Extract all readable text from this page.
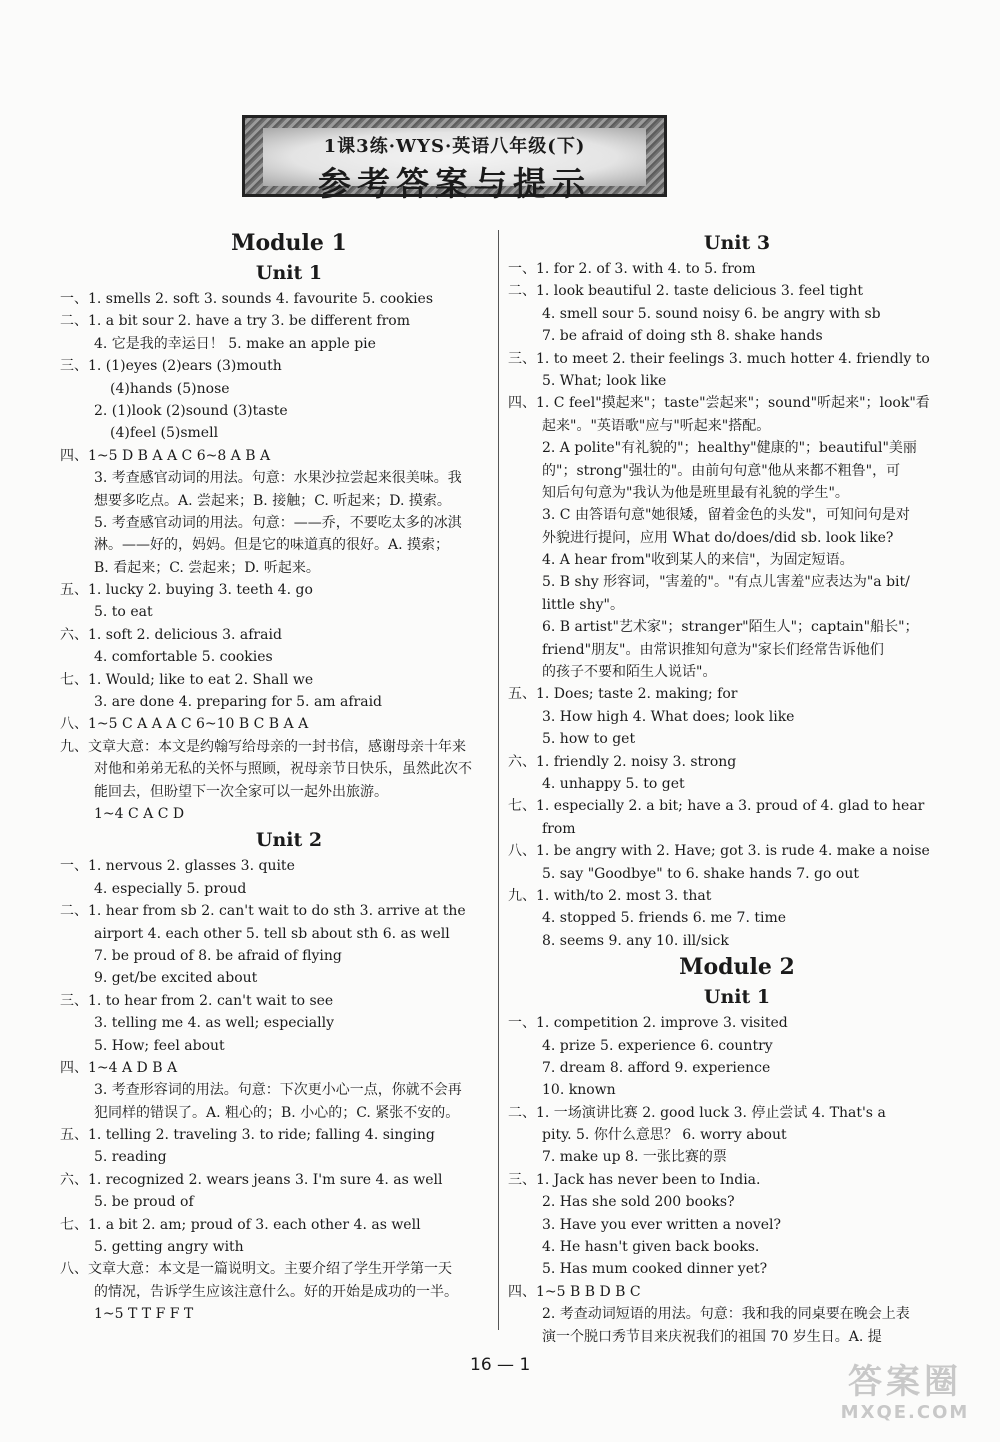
1课3练·WYS·英语八年级(下)
参考答案与提示
Module 1
Unit 1
一、1. smells 2. soft 3. sounds 4. favourite 5. cookies
二、1. a bit sour 2. have a try 3. be different from
4. 它是我的幸运日！ 5. make an apple pie
三、1. (1)eyes (2)ears (3)mouth
(4)hands (5)nose
2. (1)look (2)sound (3)taste
(4)feel (5)smell
四、1~5 D B A A C 6~8 A B A
3. 考查感官动词的用法。句意：水果沙拉尝起来很美味。我
想要多吃点。A. 尝起来；B. 接触；C. 听起来；D. 摸索。
5. 考查感官动词的用法。句意：——乔，不要吃太多的冰淇
淋。——好的，妈妈。但是它的味道真的很好。A. 摸索；
B. 看起来；C. 尝起来；D. 听起来。
五、1. lucky 2. buying 3. teeth 4. go
5. to eat
六、1. soft 2. delicious 3. afraid
4. comfortable 5. cookies
七、1. Would; like to eat 2. Shall we
3. are done 4. preparing for 5. am afraid
八、1~5 C A A A C 6~10 B C B A A
九、文章大意：本文是约翰写给母亲的一封书信，感谢母亲十年来
对他和弟弟无私的关怀与照顾，祝母亲节日快乐，虽然此次不
能回去，但盼望下一次全家可以一起外出旅游。
1~4 C A C D
Unit 2
一、1. nervous 2. glasses 3. quite
4. especially 5. proud
二、1. hear from sb 2. can't wait to do sth 3. arrive at the
airport 4. each other 5. tell sb about sth 6. as well
7. be proud of 8. be afraid of flying
9. get/be excited about
三、1. to hear from 2. can't wait to see
3. telling me 4. as well; especially
5. How; feel about
四、1~4 A D B A
3. 考查形容词的用法。句意：下次更小心一点，你就不会再
犯同样的错误了。A. 粗心的；B. 小心的；C. 紧张不安的。
五、1. telling 2. traveling 3. to ride; falling 4. singing
5. reading
六、1. recognized 2. wears jeans 3. I'm sure 4. as well
5. be proud of
七、1. a bit 2. am; proud of 3. each other 4. as well
5. getting angry with
八、文章大意：本文是一篇说明文。主要介绍了学生开学第一天
的情况，告诉学生应该注意什么。好的开始是成功的一半。
1~5 T T F F T
Unit 3
一、1. for 2. of 3. with 4. to 5. from
二、1. look beautiful 2. taste delicious 3. feel tight
4. smell sour 5. sound noisy 6. be angry with sb
7. be afraid of doing sth 8. shake hands
三、1. to meet 2. their feelings 3. much hotter 4. friendly to
5. What; look like
四、1. C feel"摸起来"；taste"尝起来"；sound"听起来"；look"看
起来"。"英语歌"应与"听起来"搭配。
2. A polite"有礼貌的"；healthy"健康的"；beautiful"美丽
的"；strong"强壮的"。由前句句意"他从来都不粗鲁"，可
知后句句意为"我认为他是班里最有礼貌的学生"。
3. C 由答语句意"她很矮，留着金色的头发"，可知问句是对
外貌进行提问，应用 What do/does/did sb. look like?
4. A hear from"收到某人的来信"，为固定短语。
5. B shy 形容词，"害羞的"。"有点儿害羞"应表达为"a bit/
little shy"。
6. B artist"艺术家"；stranger"陌生人"；captain"船长"；
friend"朋友"。由常识推知句意为"家长们经常告诉他们
的孩子不要和陌生人说话"。
五、1. Does; taste 2. making; for
3. How high 4. What does; look like
5. how to get
六、1. friendly 2. noisy 3. strong
4. unhappy 5. to get
七、1. especially 2. a bit; have a 3. proud of 4. glad to hear
from
八、1. be angry with 2. Have; got 3. is rude 4. make a noise
5. say "Goodbye" to 6. shake hands 7. go out
九、1. with/to 2. most 3. that
4. stopped 5. friends 6. me 7. time
8. seems 9. any 10. ill/sick
Module 2
Unit 1
一、1. competition 2. improve 3. visited
4. prize 5. experience 6. country
7. dream 8. afford 9. experience
10. known
二、1. 一场演讲比赛 2. good luck 3. 停止尝试 4. That's a
pity. 5. 你什么意思？ 6. worry about
7. make up 8. 一张比赛的票
三、1. Jack has never been to India.
2. Has she sold 200 books?
3. Have you ever written a novel?
4. He hasn't given back books.
5. Has mum cooked dinner yet?
四、1~5 B B D B C
2. 考查动词短语的用法。句意：我和我的同桌要在晚会上表
演一个脱口秀节目来庆祝我们的祖国 70 岁生日。A. 提
16 — 1	答案圈
MXQE.COM
